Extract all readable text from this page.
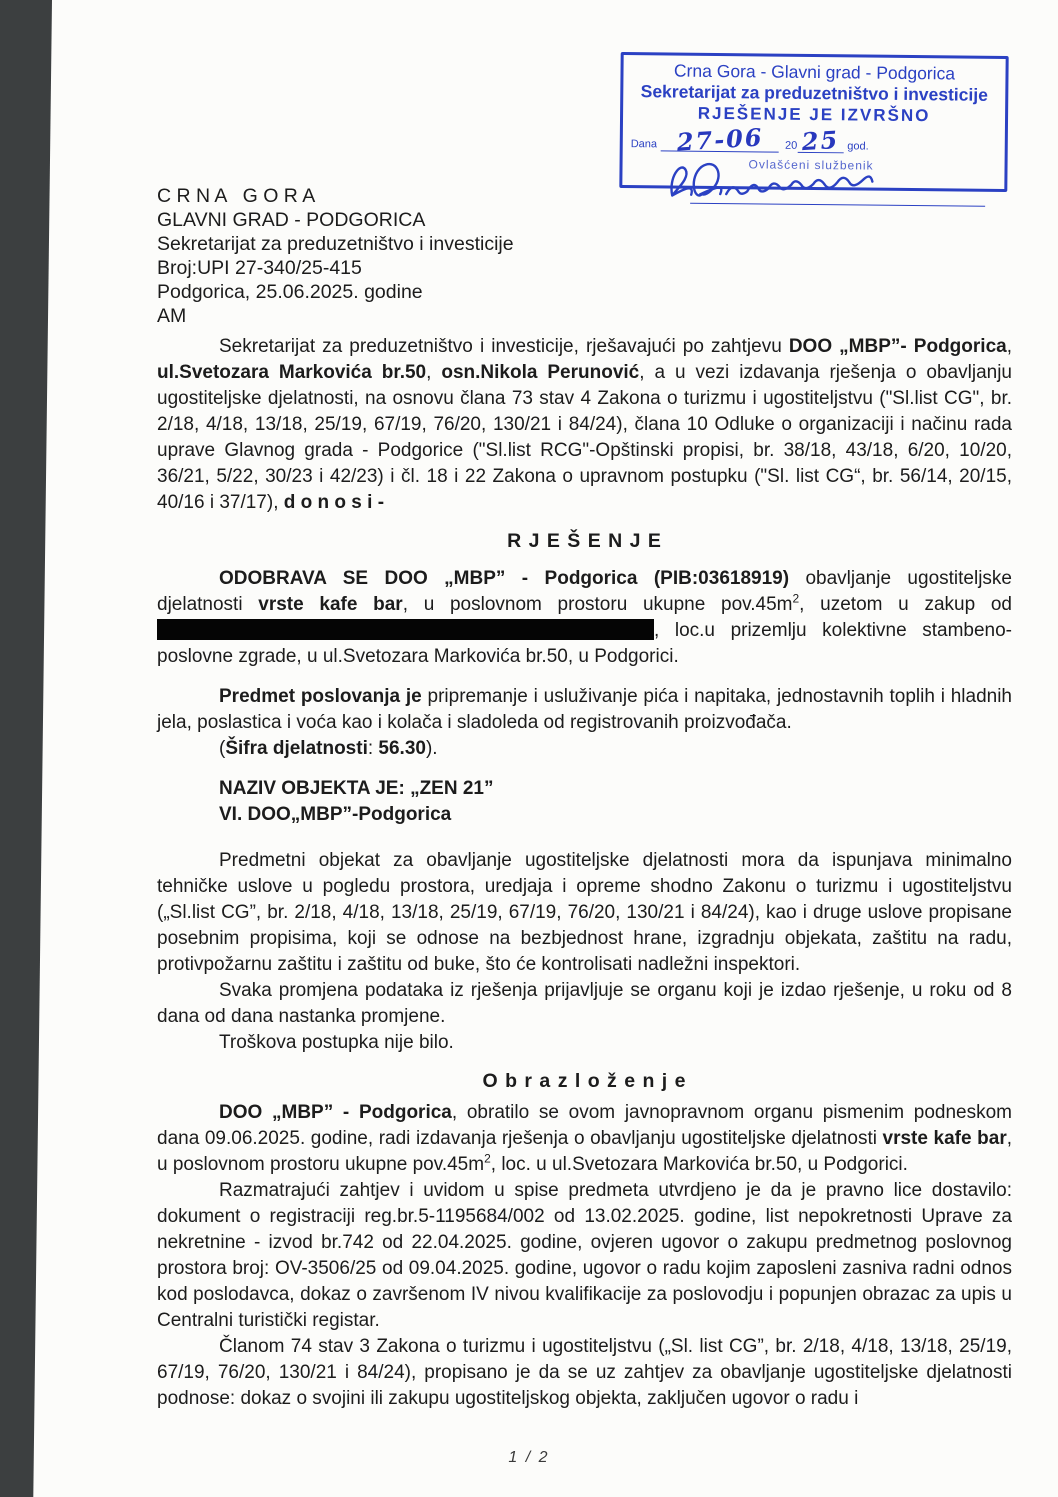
Crna Gora - Glavni grad - Podgorica
Sekretarijat za preduzetništvo i investicije
RJEŠENJE JE IZVRŠNO
Dana 27-06	20 25 god.
Ovlašćeni službenik
C R N A   G O R A
GLAVNI GRAD - PODGORICA
Sekretarijat za preduzetništvo i investicije
Broj:UPI 27-340/25-415
Podgorica, 25.06.2025. godine
AM

Sekretarijat za preduzetništvo i investicije, rješavajući po zahtjevu DOO „MBP”- Podgorica, ul.Svetozara Markovića br.50, osn.Nikola Perunović, a u vezi izdavanja rješenja o obavljanju ugostiteljske djelatnosti, na osnovu člana 73 stav 4 Zakona o turizmu i ugostiteljstvu ("Sl.list CG", br. 2/18, 4/18, 13/18, 25/19, 67/19, 76/20, 130/21 i 84/24), člana 10 Odluke o organizaciji i načinu rada uprave Glavnog grada - Podgorice ("Sl.list RCG"-Opštinski propisi, br. 38/18, 43/18, 6/20, 10/20, 36/21, 5/22, 30/23 i 42/23) i čl. 18 i 22 Zakona o upravnom postupku ("Sl. list CG“, br. 56/14, 20/15, 40/16 i 37/17), d o n o s i -

R J E Š E N J E

ODOBRAVA SE DOO „MBP” - Podgorica (PIB:03618919) obavljanje ugostiteljske djelatnosti vrste kafe bar, u poslovnom prostoru ukupne $pov.45m^2$, uzetom u zakup od , loc.u prizemlju kolektivne stambeno-poslovne zgrade, u ul.Svetozara Markovića br.50, u Podgorici.

Predmet poslovanja je pripremanje i usluživanje pića i napitaka, jednostavnih toplih i hladnih jela, poslastica i voća kao i kolača i sladoleda od registrovanih proizvođača.

(Šifra djelatnosti: 56.30).

NAZIV OBJEKTA JE: „ZEN 21”

VI. DOO„MBP”-Podgorica

Predmetni objekat za obavljanje ugostiteljske djelatnosti mora da ispunjava minimalno tehničke uslove u pogledu prostora, uredjaja i opreme shodno Zakonu o turizmu i ugostiteljstvu („Sl.list CG”, br. 2/18, 4/18, 13/18, 25/19, 67/19, 76/20, 130/21 i 84/24), kao i druge uslove propisane posebnim propisima, koji se odnose na bezbjednost hrane, izgradnju objekata, zaštitu na radu, protivpožarnu zaštitu i zaštitu od buke, što će kontrolisati nadležni inspektori.

Svaka promjena podataka iz rješenja prijavljuje se organu koji je izdao rješenje, u roku od 8 dana od dana nastanka promjene.

Troškova postupka nije bilo.

O b r a z l o ž e n j e

DOO „MBP” - Podgorica, obratilo se ovom javnopravnom organu pismenim podneskom dana 09.06.2025. godine, radi izdavanja rješenja o obavljanju ugostiteljske djelatnosti vrste kafe bar, u poslovnom prostoru ukupne $pov.45m^2$, loc. u ul.Svetozara Markovića br.50, u Podgorici.

Razmatrajući zahtjev i uvidom u spise predmeta utvrdjeno je da je pravno lice dostavilo: dokument o registraciji reg.br.5-1195684/002 od 13.02.2025. godine, list nepokretnosti Uprave za nekretnine - izvod br.742 od 22.04.2025. godine, ovjeren ugovor o zakupu predmetnog poslovnog prostora broj: OV-3506/25 od 09.04.2025. godine, ugovor o radu kojim zaposleni zasniva radni odnos kod poslodavca, dokaz o završenom IV nivou kvalifikacije za poslovodju i popunjen obrazac za upis u Centralni turistički registar.

Članom 74 stav 3 Zakona o turizmu i ugostiteljstvu („Sl. list CG”, br. 2/18, 4/18, 13/18, 25/19, 67/19, 76/20, 130/21 i 84/24), propisano je da se uz zahtjev za obavljanje ugostiteljske djelatnosti podnose: dokaz o svojini ili zakupu ugostiteljskog objekta, zaključen ugovor o radu i

1 / 2
